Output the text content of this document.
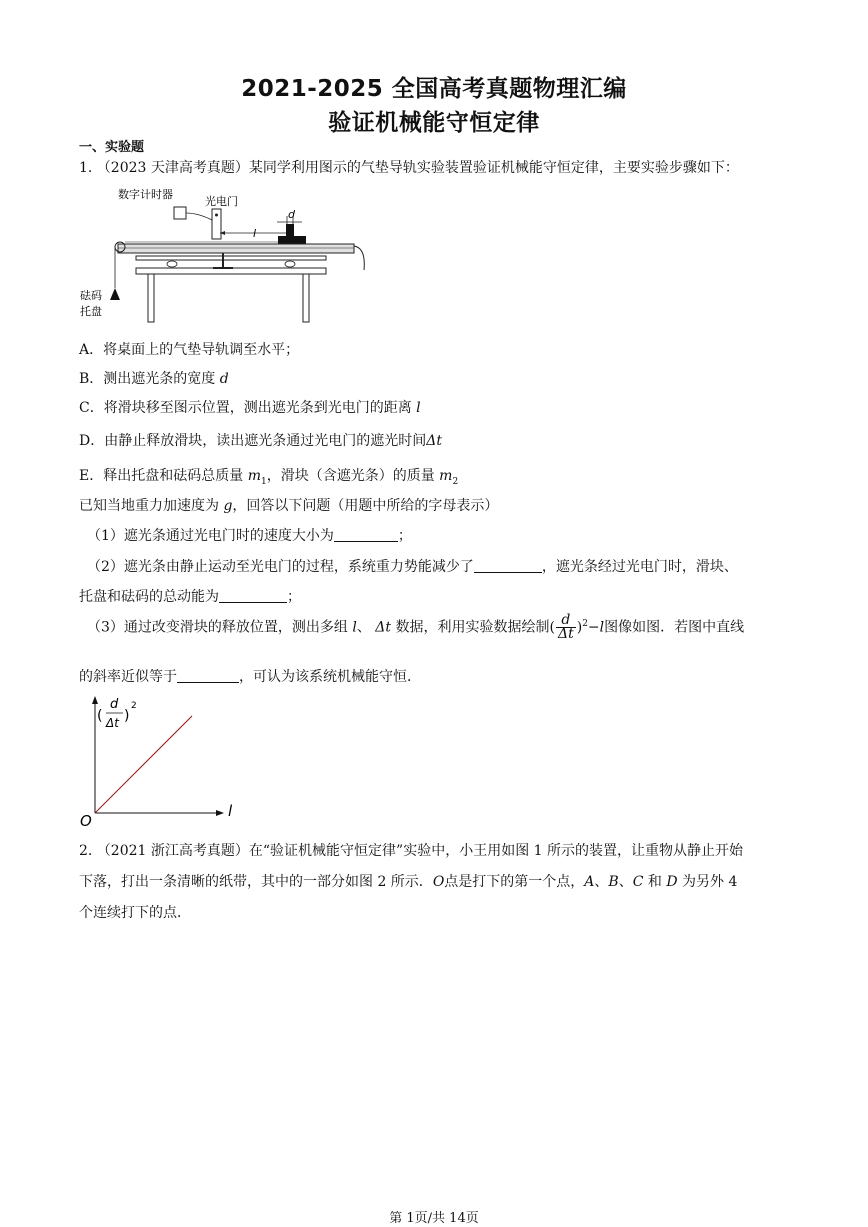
2021-2025 全国高考真题物理汇编
验证机械能守恒定律
一、实验题
1. （2023 天津高考真题）某同学利用图示的气垫导轨实验装置验证机械能守恒定律，主要实验步骤如下：
数字计时器
光电门
l
d
砝码
托盘
A．将桌面上的气垫导轨调至水平；
B．测出遮光条的宽度 d
C．将滑块移至图示位置，测出遮光条到光电门的距离 l
D．由静止释放滑块，读出遮光条通过光电门的遮光时间Δt
E．释出托盘和砝码总质量 $m_1$，滑块（含遮光条）的质量 $m_2$
已知当地重力加速度为 g，回答以下问题（用题中所给的字母表示）
（1）遮光条通过光电门时的速度大小为	；
（2）遮光条由静止运动至光电门的过程，系统重力势能减少了	，遮光条经过光电门时，滑块、
托盘和砝码的总动能为	；
（3）通过改变滑块的释放位置，测出多组 l、 Δt 数据，利用实验数据绘制( $\frac{d}{\Delta t} )^2-l$图像如图．若图中直线
的斜率近似等于	，可认为该系统机械能守恒．
(
d
Δt )
2
l
O
2. （2021 浙江高考真题）在“验证机械能守恒定律”实验中，小王用如图 1 所示的装置，让重物从静止开始
下落，打出一条清晰的纸带，其中的一部分如图 2 所示．O点是打下的第一个点，A、B、C 和 D 为另外 4
个连续打下的点．
第 1页/共 14页
